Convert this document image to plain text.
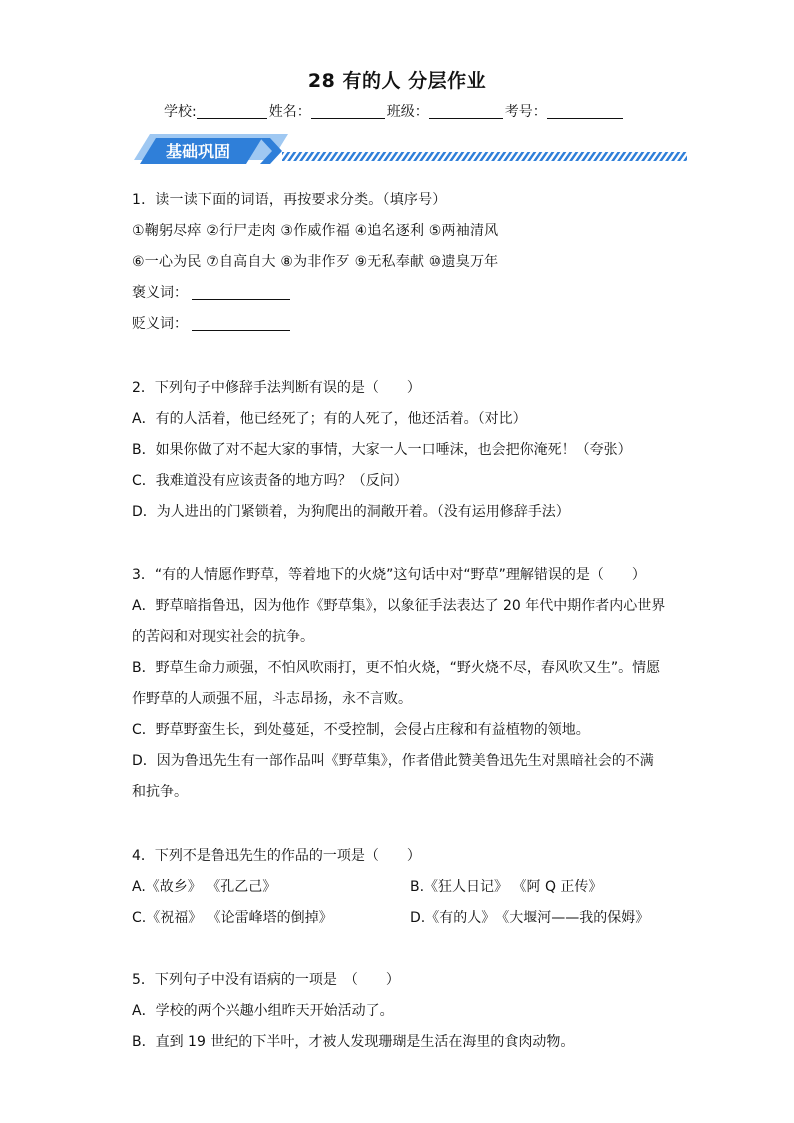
28 有的人 分层作业
学校:	姓名：	班级：	考号：
基础巩固
1．读一读下面的词语，再按要求分类。（填序号）
①鞠躬尽瘁 ②行尸走肉 ③作威作福 ④追名逐利 ⑤两袖清风
⑥一心为民 ⑦自高自大 ⑧为非作歹 ⑨无私奉献 ⑩遗臭万年
褒义词：
贬义词：
2．下列句子中修辞手法判断有误的是（　　）
A．有的人活着，他已经死了；有的人死了，他还活着。（对比）
B．如果你做了对不起大家的事情，大家一人一口唾沫，也会把你淹死！（夸张）
C．我难道没有应该责备的地方吗？（反问）
D．为人进出的门紧锁着，为狗爬出的洞敞开着。（没有运用修辞手法）
3．“有的人情愿作野草，等着地下的火烧”这句话中对“野草”理解错误的是（　　）
A．野草暗指鲁迅，因为他作《野草集》，以象征手法表达了 20 年代中期作者内心世界
的苦闷和对现实社会的抗争。
B．野草生命力顽强，不怕风吹雨打，更不怕火烧，“野火烧不尽，春风吹又生”。情愿
作野草的人顽强不屈，斗志昂扬，永不言败。
C．野草野蛮生长，到处蔓延，不受控制，会侵占庄稼和有益植物的领地。
D．因为鲁迅先生有一部作品叫《野草集》，作者借此赞美鲁迅先生对黑暗社会的不满
和抗争。
4．下列不是鲁迅先生的作品的一项是（　　）
A.《故乡》 《孔乙己》	B.《狂人日记》 《阿 Q 正传》
C.《祝福》 《论雷峰塔的倒掉》	D.《有的人》　《大堰河——我的保姆》
5．下列句子中没有语病的一项是　（　　）
A．学校的两个兴趣小组昨天开始活动了。
B．直到 19 世纪的下半叶，才被人发现珊瑚是生活在海里的食肉动物。
